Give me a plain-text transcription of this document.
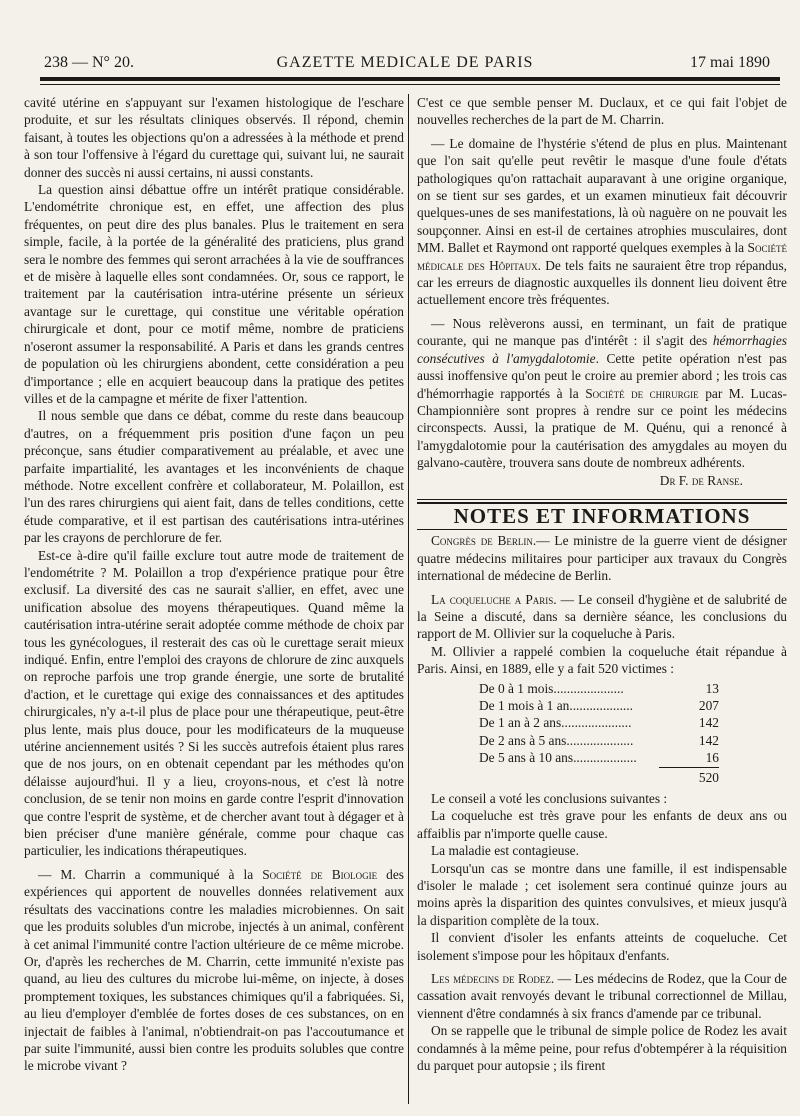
238 — N° 20.	GAZETTE MEDICALE DE PARIS	17 mai 1890

cavité utérine en s'appuyant sur l'examen histologique de l'eschare produite, et sur les résultats cliniques observés. Il répond, chemin faisant, à toutes les objections qu'on a adressées à la méthode et prend à son tour l'offensive à l'égard du curettage qui, suivant lui, ne saurait donner des succès ni aussi certains, ni aussi constants.

La question ainsi débattue offre un intérêt pratique considérable. L'endométrite chronique est, en effet, une affection des plus fréquentes, on peut dire des plus banales. Plus le traitement en sera simple, facile, à la portée de la généralité des praticiens, plus grand sera le nombre des femmes qui seront arrachées à la vie de souffrances et de misère à laquelle elles sont condamnées. Or, sous ce rapport, le traitement par la cautérisation intra-utérine présente un sérieux avantage sur le curettage, qui constitue une véritable opération chirurgicale et dont, pour ce motif même, nombre de praticiens n'oseront assumer la responsabilité. A Paris et dans les grands centres de population où les chirurgiens abondent, cette considération a peu d'importance ; elle en acquiert beaucoup dans la pratique des petites villes et de la campagne et mérite de fixer l'attention.

Il nous semble que dans ce débat, comme du reste dans beaucoup d'autres, on a fréquemment pris position d'une façon un peu préconçue, sans étudier comparativement au préalable, et avec une parfaite impartialité, les avantages et les inconvénients de chaque méthode. Notre excellent confrère et collaborateur, M. Polaillon, est l'un des rares chirurgiens qui aient fait, dans de telles conditions, cette étude comparative, et il est partisan des cautérisations intra-utérines par les crayons de perchlorure de fer.

Est-ce à-dire qu'il faille exclure tout autre mode de traitement de l'endométrite ? M. Polaillon a trop d'expérience pratique pour être exclusif. La diversité des cas ne saurait s'allier, en effet, avec une unification absolue des moyens thérapeutiques. Quand même la cautérisation intra-utérine serait adoptée comme méthode de choix par tous les gynécologues, il resterait des cas où le curettage serait mieux indiqué. Enfin, entre l'emploi des crayons de chlorure de zinc auxquels on reproche parfois une trop grande énergie, une sorte de brutalité d'action, et le curettage qui exige des connaissances et des aptitudes chirurgicales, n'y a-t-il plus de place pour une thérapeutique, peut-être plus lente, mais plus douce, pour les modificateurs de la muqueuse utérine anciennement usités ? Si les succès autrefois étaient plus rares que de nos jours, on en obtenait cependant par les méthodes qu'on délaisse aujourd'hui. Il y a lieu, croyons-nous, et c'est là notre conclusion, de se tenir non moins en garde contre l'esprit d'innovation que contre l'esprit de système, et de chercher avant tout à dégager et à bien préciser d'une manière générale, comme pour chaque cas particulier, les indications thérapeutiques.

— M. Charrin a communiqué à la Société de Biologie des expériences qui apportent de nouvelles données relativement aux résultats des vaccinations contre les maladies microbiennes. On sait que les produits solubles d'un microbe, injectés à un animal, confèrent à cet animal l'immunité contre l'action ultérieure de ce même microbe. Or, d'après les recherches de M. Charrin, cette immunité n'existe pas quand, au lieu des cultures du microbe lui-même, on injecte, à doses promptement toxiques, les substances chimiques qu'il a fabriquées. Si, au lieu d'employer d'emblée de fortes doses de ces substances, on en injectait de faibles à l'animal, n'obtiendrait-on pas l'accoutumance et par suite l'immunité, aussi bien contre les produits solubles que contre le microbe vivant ?

C'est ce que semble penser M. Duclaux, et ce qui fait l'objet de nouvelles recherches de la part de M. Charrin.

— Le domaine de l'hystérie s'étend de plus en plus. Maintenant que l'on sait qu'elle peut revêtir le masque d'une foule d'états pathologiques qu'on rattachait auparavant à une origine organique, on se tient sur ses gardes, et un examen minutieux fait découvrir quelques-unes de ses manifestations, là où naguère on ne pouvait les soupçonner. Ainsi en est-il de certaines atrophies musculaires, dont MM. Ballet et Raymond ont rapporté quelques exemples à la Société médicale des Hôpitaux. De tels faits ne sauraient être trop répandus, car les erreurs de diagnostic auxquelles ils donnent lieu doivent être actuellement encore très fréquentes.

— Nous relèverons aussi, en terminant, un fait de pratique courante, qui ne manque pas d'intérêt : il s'agit des hémorrhagies consécutives à l'amygdalotomie. Cette petite opération n'est pas aussi inoffensive qu'on peut le croire au premier abord ; les trois cas d'hémorrhagie rapportés à la Société de chirurgie par M. Lucas-Championnière sont propres à rendre sur ce point les médecins circonspects. Aussi, la pratique de M. Quénu, qui a renoncé à l'amygdalotomie pour la cautérisation des amygdales au moyen du galvano-cautère, trouvera sans doute de nombreux adhérents.

Dr F. de Ranse.

NOTES ET INFORMATIONS

Congrès de Berlin.— Le ministre de la guerre vient de désigner quatre médecins militaires pour participer aux travaux du Congrès international de médecine de Berlin.

La coqueluche a Paris. — Le conseil d'hygiène et de salubrité de la Seine a discuté, dans sa dernière séance, les conclusions du rapport de M. Ollivier sur la coqueluche à Paris.

M. Ollivier a rappelé combien la coqueluche était répandue à Paris. Ainsi, en 1889, elle y a fait 520 victimes :

De 0 à 1 mois.....................	13
De 1 mois à 1 an...................	207
De 1 an à 2 ans.....................	142
De 2 ans à 5 ans....................	142
De 5 ans à 10 ans...................	16
520

Le conseil a voté les conclusions suivantes :

La coqueluche est très grave pour les enfants de deux ans ou affaiblis par n'importe quelle cause.

La maladie est contagieuse.

Lorsqu'un cas se montre dans une famille, il est indispensable d'isoler le malade ; cet isolement sera continué quinze jours au moins après la disparition des quintes convulsives, et mieux jusqu'à la disparition complète de la toux.

Il convient d'isoler les enfants atteints de coqueluche. Cet isolement s'impose pour les hôpitaux d'enfants.

Les médecins de Rodez. — Les médecins de Rodez, que la Cour de cassation avait renvoyés devant le tribunal correctionnel de Millau, viennent d'être condamnés à six francs d'amende par ce tribunal.

On se rappelle que le tribunal de simple police de Rodez les avait condamnés à la même peine, pour refus d'obtempérer à la réquisition du parquet pour autopsie ; ils firent
